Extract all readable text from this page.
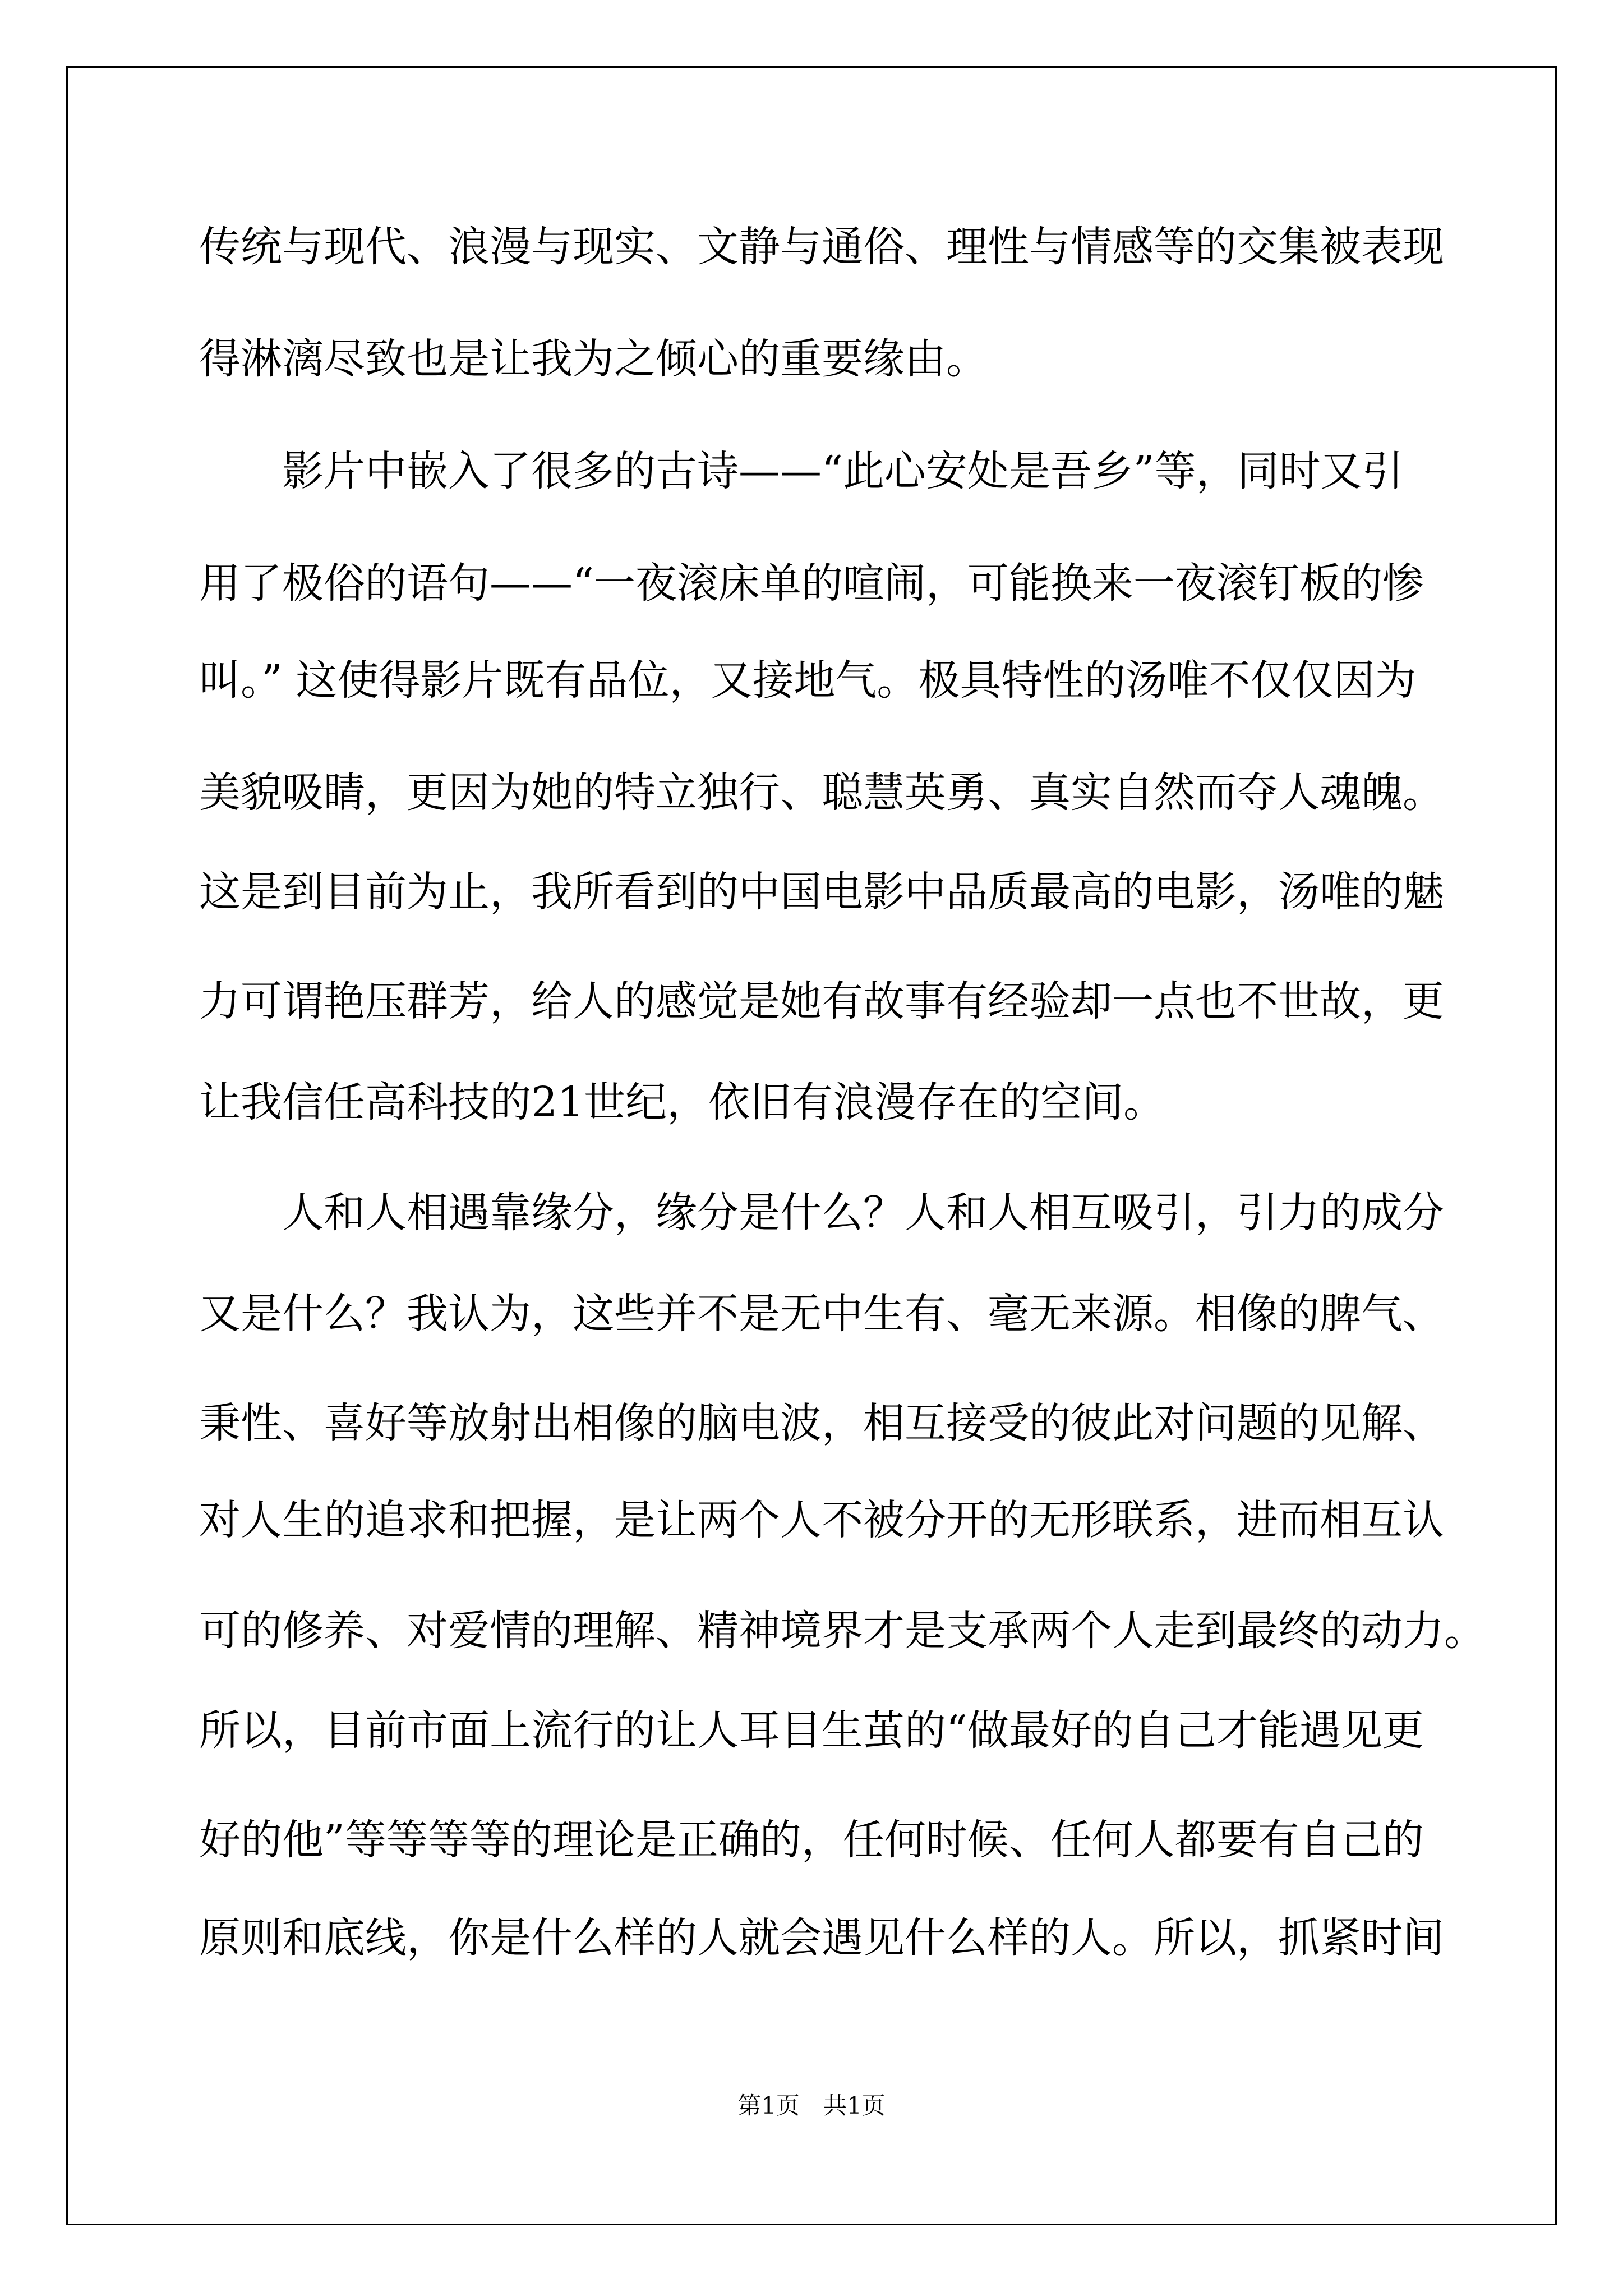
传统与现代、浪漫与现实、文静与通俗、理性与情感等的交集被表现

得淋漓尽致也是让我为之倾心的重要缘由。

影片中嵌入了很多的古诗——“此心安处是吾乡”等，同时又引

用了极俗的语句——“一夜滚床单的喧闹，可能换来一夜滚钉板的惨

叫。” 这使得影片既有品位，又接地气。极具特性的汤唯不仅仅因为

美貌吸睛，更因为她的特立独行、聪慧英勇、真实自然而夺人魂魄。

这是到目前为止，我所看到的中国电影中品质最高的电影，汤唯的魅

力可谓艳压群芳，给人的感觉是她有故事有经验却一点也不世故，更

让我信任高科技的21世纪，依旧有浪漫存在的空间。

人和人相遇靠缘分，缘分是什么？人和人相互吸引，引力的成分

又是什么？我认为，这些并不是无中生有、毫无来源。相像的脾气、

秉性、喜好等放射出相像的脑电波，相互接受的彼此对问题的见解、

对人生的追求和把握，是让两个人不被分开的无形联系，进而相互认

可的修养、对爱情的理解、精神境界才是支承两个人走到最终的动力。

所以，目前市面上流行的让人耳目生茧的“做最好的自己才能遇见更

好的他”等等等等的理论是正确的，任何时候、任何人都要有自己的

原则和底线，你是什么样的人就会遇见什么样的人。所以，抓紧时间

第1页　共1页
